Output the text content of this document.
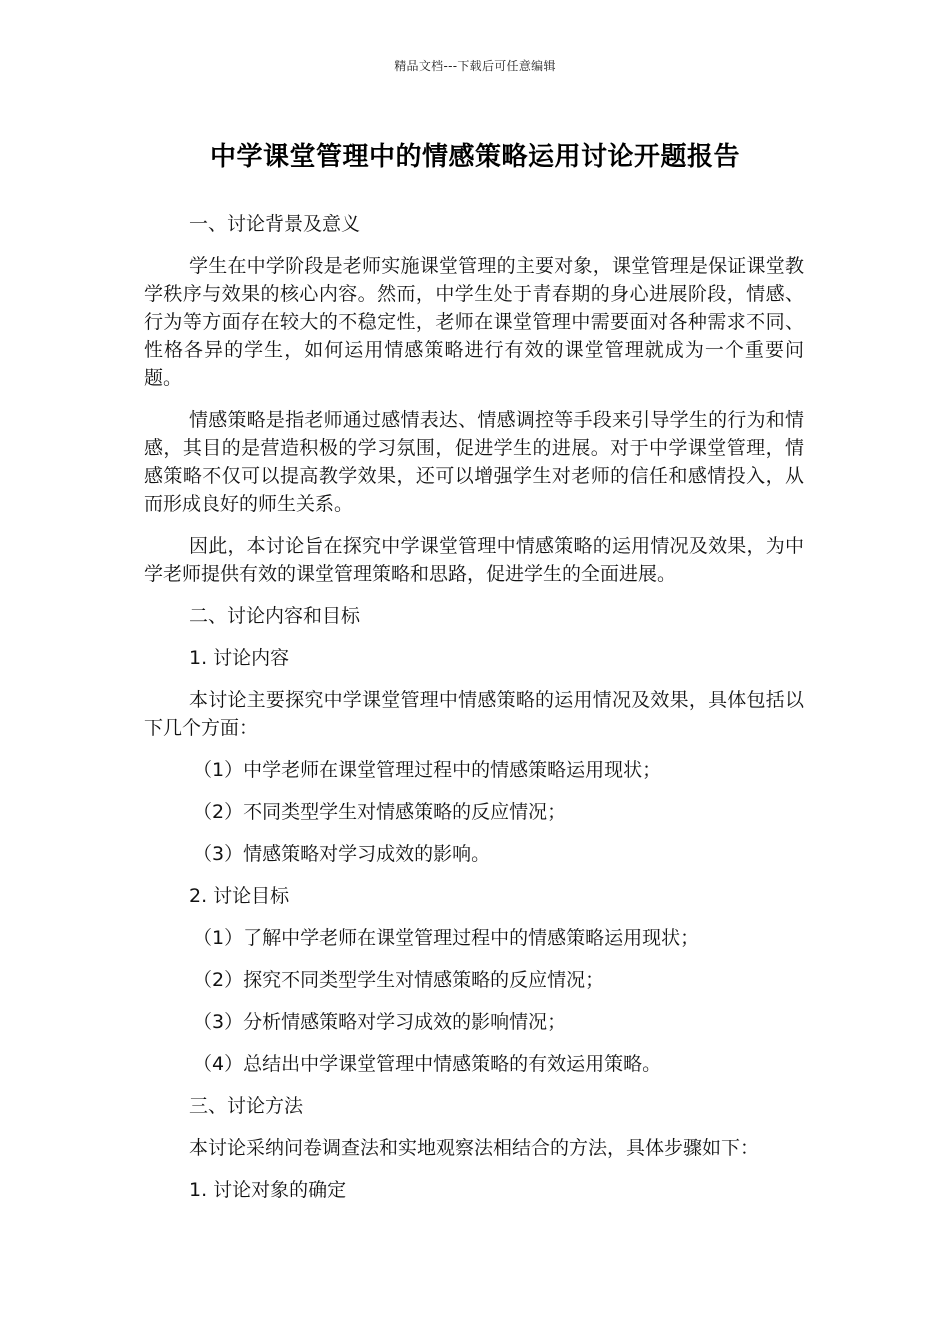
精品文档---下载后可任意编辑
中学课堂管理中的情感策略运用讨论开题报告
一、讨论背景及意义
学生在中学阶段是老师实施课堂管理的主要对象，课堂管理是保证课堂教学秩序与效果的核心内容。然而，中学生处于青春期的身心进展阶段，情感、行为等方面存在较大的不稳定性，老师在课堂管理中需要面对各种需求不同、性格各异的学生，如何运用情感策略进行有效的课堂管理就成为一个重要问题。
情感策略是指老师通过感情表达、情感调控等手段来引导学生的行为和情感，其目的是营造积极的学习氛围，促进学生的进展。对于中学课堂管理，情感策略不仅可以提高教学效果，还可以增强学生对老师的信任和感情投入，从而形成良好的师生关系。
因此，本讨论旨在探究中学课堂管理中情感策略的运用情况及效果，为中学老师提供有效的课堂管理策略和思路，促进学生的全面进展。
二、讨论内容和目标
1. 讨论内容
本讨论主要探究中学课堂管理中情感策略的运用情况及效果，具体包括以下几个方面：
（1）中学老师在课堂管理过程中的情感策略运用现状；
（2）不同类型学生对情感策略的反应情况；
（3）情感策略对学习成效的影响。
2. 讨论目标
（1）了解中学老师在课堂管理过程中的情感策略运用现状；
（2）探究不同类型学生对情感策略的反应情况；
（3）分析情感策略对学习成效的影响情况；
（4）总结出中学课堂管理中情感策略的有效运用策略。
三、讨论方法
本讨论采纳问卷调查法和实地观察法相结合的方法，具体步骤如下：
1. 讨论对象的确定
